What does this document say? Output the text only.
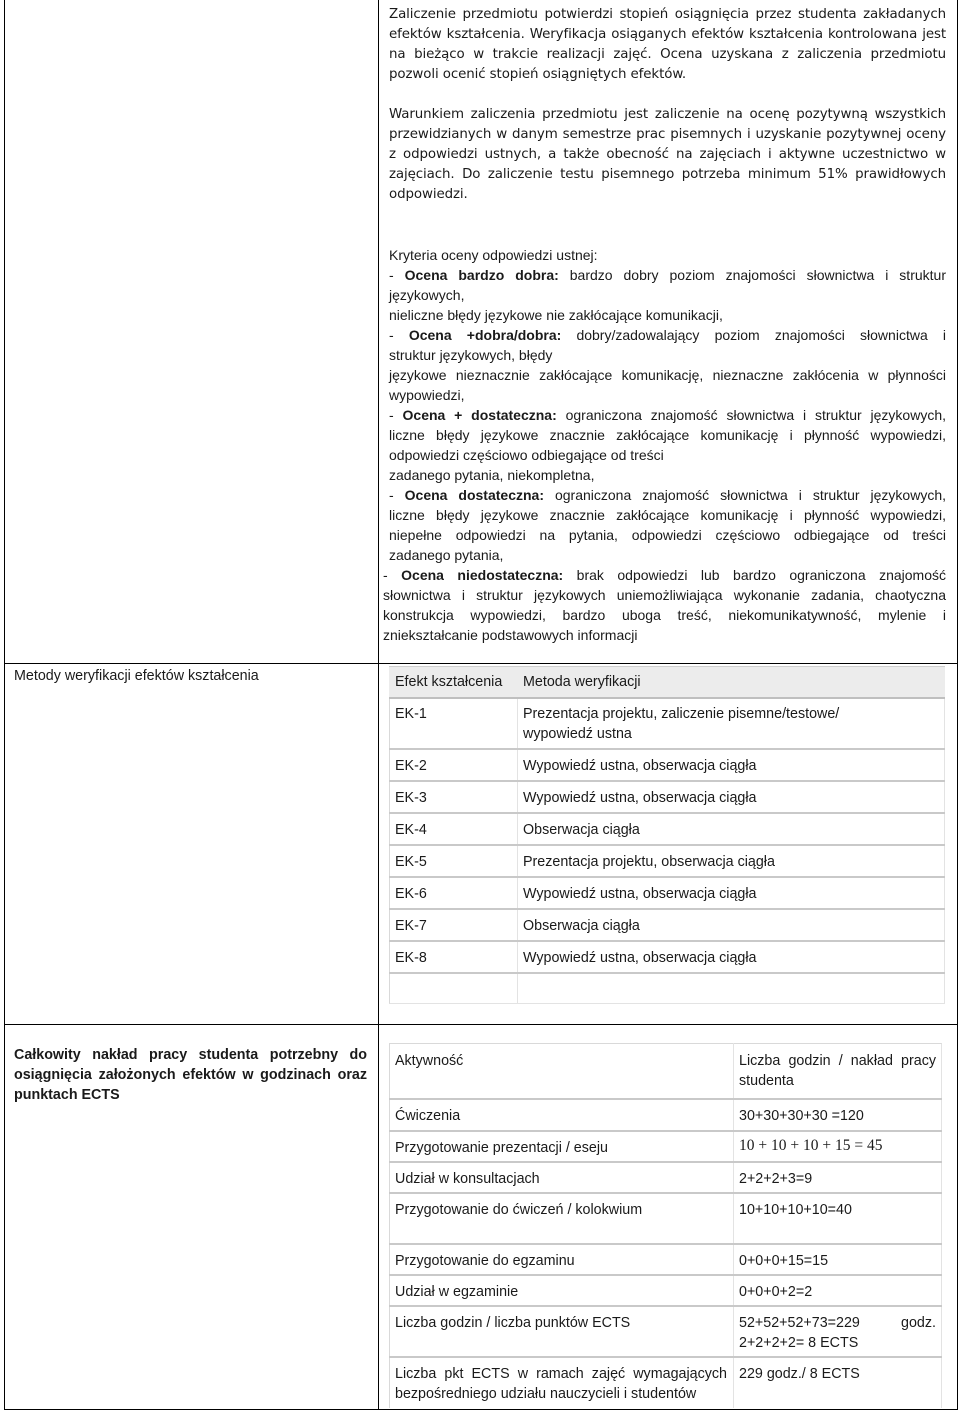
Zaliczenie przedmiotu potwierdzi stopień osiągnięcia przez studenta zakładanych
efektów kształcenia. Weryfikacja osiąganych efektów kształcenia kontrolowana jest
na bieżąco w trakcie realizacji zajęć. Ocena uzyskana z zaliczenia przedmiotu
pozwoli ocenić stopień osiągniętych efektów.
Warunkiem zaliczenia przedmiotu jest zaliczenie na ocenę pozytywną wszystkich
przewidzianych w danym semestrze prac pisemnych i uzyskanie pozytywnej oceny
z odpowiedzi ustnych, a także obecność na zajęciach i aktywne uczestnictwo w
zajęciach. Do zaliczenie testu pisemnego potrzeba minimum 51% prawidłowych
odpowiedzi.
Kryteria oceny odpowiedzi ustnej:
- Ocena bardzo dobra: bardzo dobry poziom znajomości słownictwa i struktur
językowych,
nieliczne błędy językowe nie zakłócające komunikacji,
- Ocena +dobra/dobra: dobry/zadowalający poziom znajomości słownictwa i
struktur językowych, błędy
językowe nieznacznie zakłócające komunikację, nieznaczne zakłócenia w płynności
wypowiedzi,
- Ocena + dostateczna: ograniczona znajomość słownictwa i struktur językowych,
liczne błędy językowe znacznie zakłócające komunikację i płynność wypowiedzi,
odpowiedzi częściowo odbiegające od treści
zadanego pytania, niekompletna,
- Ocena dostateczna: ograniczona znajomość słownictwa i struktur językowych,
liczne błędy językowe znacznie zakłócające komunikację i płynność wypowiedzi,
niepełne odpowiedzi na pytania, odpowiedzi częściowo odbiegające od treści
zadanego pytania,
- Ocena niedostateczna: brak odpowiedzi lub bardzo ograniczona znajomość
słownictwa i struktur językowych uniemożliwiająca wykonanie zadania, chaotyczna
konstrukcja wypowiedzi, bardzo uboga treść, niekomunikatywność, mylenie i
zniekształcanie podstawowych informacji
Metody weryfikacji efektów kształcenia	Efekt kształcenia	Metoda weryfikacji
EK-1	Prezentacja projektu, zaliczenie pisemne/testowe/
wypowiedź ustna

EK-2	Wypowiedź ustna, obserwacja ciągła
EK-3	Wypowiedź ustna, obserwacja ciągła
EK-4	Obserwacja ciągła
EK-5	Prezentacja projektu, obserwacja ciągła
EK-6	Wypowiedź ustna, obserwacja ciągła
EK-7	Obserwacja ciągła
EK-8	Wypowiedź ustna, obserwacja ciągła
Całkowity nakład pracy studenta potrzebny do
osiągnięcia założonych efektów w godzinach oraz
punktach ECTS
Aktywność	Liczba godzin / nakład pracy
studenta

Ćwiczenia	30+30+30+30 =120
Przygotowanie prezentacji / eseju	10 + 10 + 10 + 15 = 45
Udział w konsultacjach	2+2+2+3=9
Przygotowanie do ćwiczeń / kolokwium	10+10+10+10=40
Przygotowanie do egzaminu	0+0+0+15=15
Udział w egzaminie	0+0+0+2=2
Liczba godzin / liczba punktów ECTS	52+52+52+73=229 godz.
2+2+2+2= 8 ECTS

Liczba pkt ECTS w ramach zajęć wymagających
bezpośredniego udziału nauczycieli i studentów	229 godz./ 8 ECTS
